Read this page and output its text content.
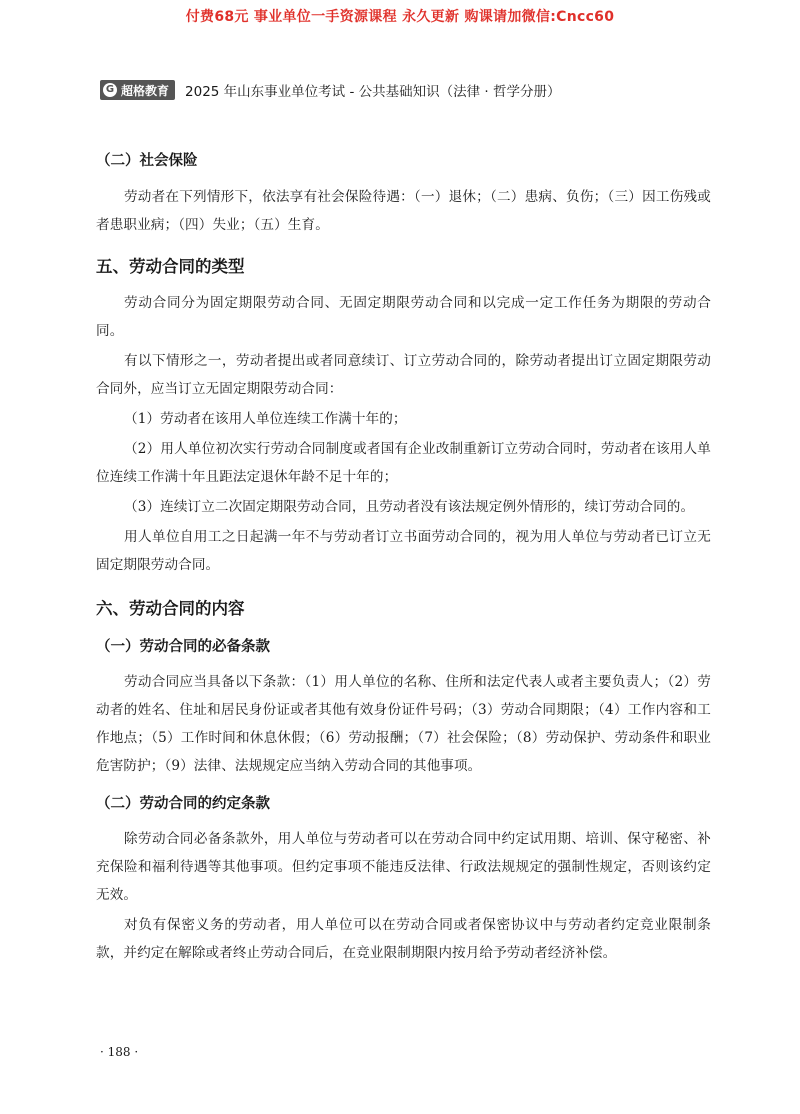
付费68元 事业单位一手资源课程 永久更新 购课请加微信:Cncc60
G 超格教育 2025 年山东事业单位考试 - 公共基础知识（法律 · 哲学分册）
（二）社会保险
劳动者在下列情形下，依法享有社会保险待遇：（一）退休；（二）患病、负伤；（三）因工伤残或者患职业病；（四）失业；（五）生育。
五、劳动合同的类型
劳动合同分为固定期限劳动合同、无固定期限劳动合同和以完成一定工作任务为期限的劳动合同。
有以下情形之一，劳动者提出或者同意续订、订立劳动合同的，除劳动者提出订立固定期限劳动合同外，应当订立无固定期限劳动合同：
（1）劳动者在该用人单位连续工作满十年的；
（2）用人单位初次实行劳动合同制度或者国有企业改制重新订立劳动合同时，劳动者在该用人单位连续工作满十年且距法定退休年龄不足十年的；
（3）连续订立二次固定期限劳动合同，且劳动者没有该法规定例外情形的，续订劳动合同的。
用人单位自用工之日起满一年不与劳动者订立书面劳动合同的，视为用人单位与劳动者已订立无固定期限劳动合同。
六、劳动合同的内容
（一）劳动合同的必备条款
劳动合同应当具备以下条款：（1）用人单位的名称、住所和法定代表人或者主要负责人；（2）劳动者的姓名、住址和居民身份证或者其他有效身份证件号码；（3）劳动合同期限；（4）工作内容和工作地点；（5）工作时间和休息休假；（6）劳动报酬；（7）社会保险；（8）劳动保护、劳动条件和职业危害防护；（9）法律、法规规定应当纳入劳动合同的其他事项。
（二）劳动合同的约定条款
除劳动合同必备条款外，用人单位与劳动者可以在劳动合同中约定试用期、培训、保守秘密、补充保险和福利待遇等其他事项。但约定事项不能违反法律、行政法规规定的强制性规定，否则该约定无效。
对负有保密义务的劳动者，用人单位可以在劳动合同或者保密协议中与劳动者约定竞业限制条款，并约定在解除或者终止劳动合同后，在竞业限制期限内按月给予劳动者经济补偿。
· 188 ·
